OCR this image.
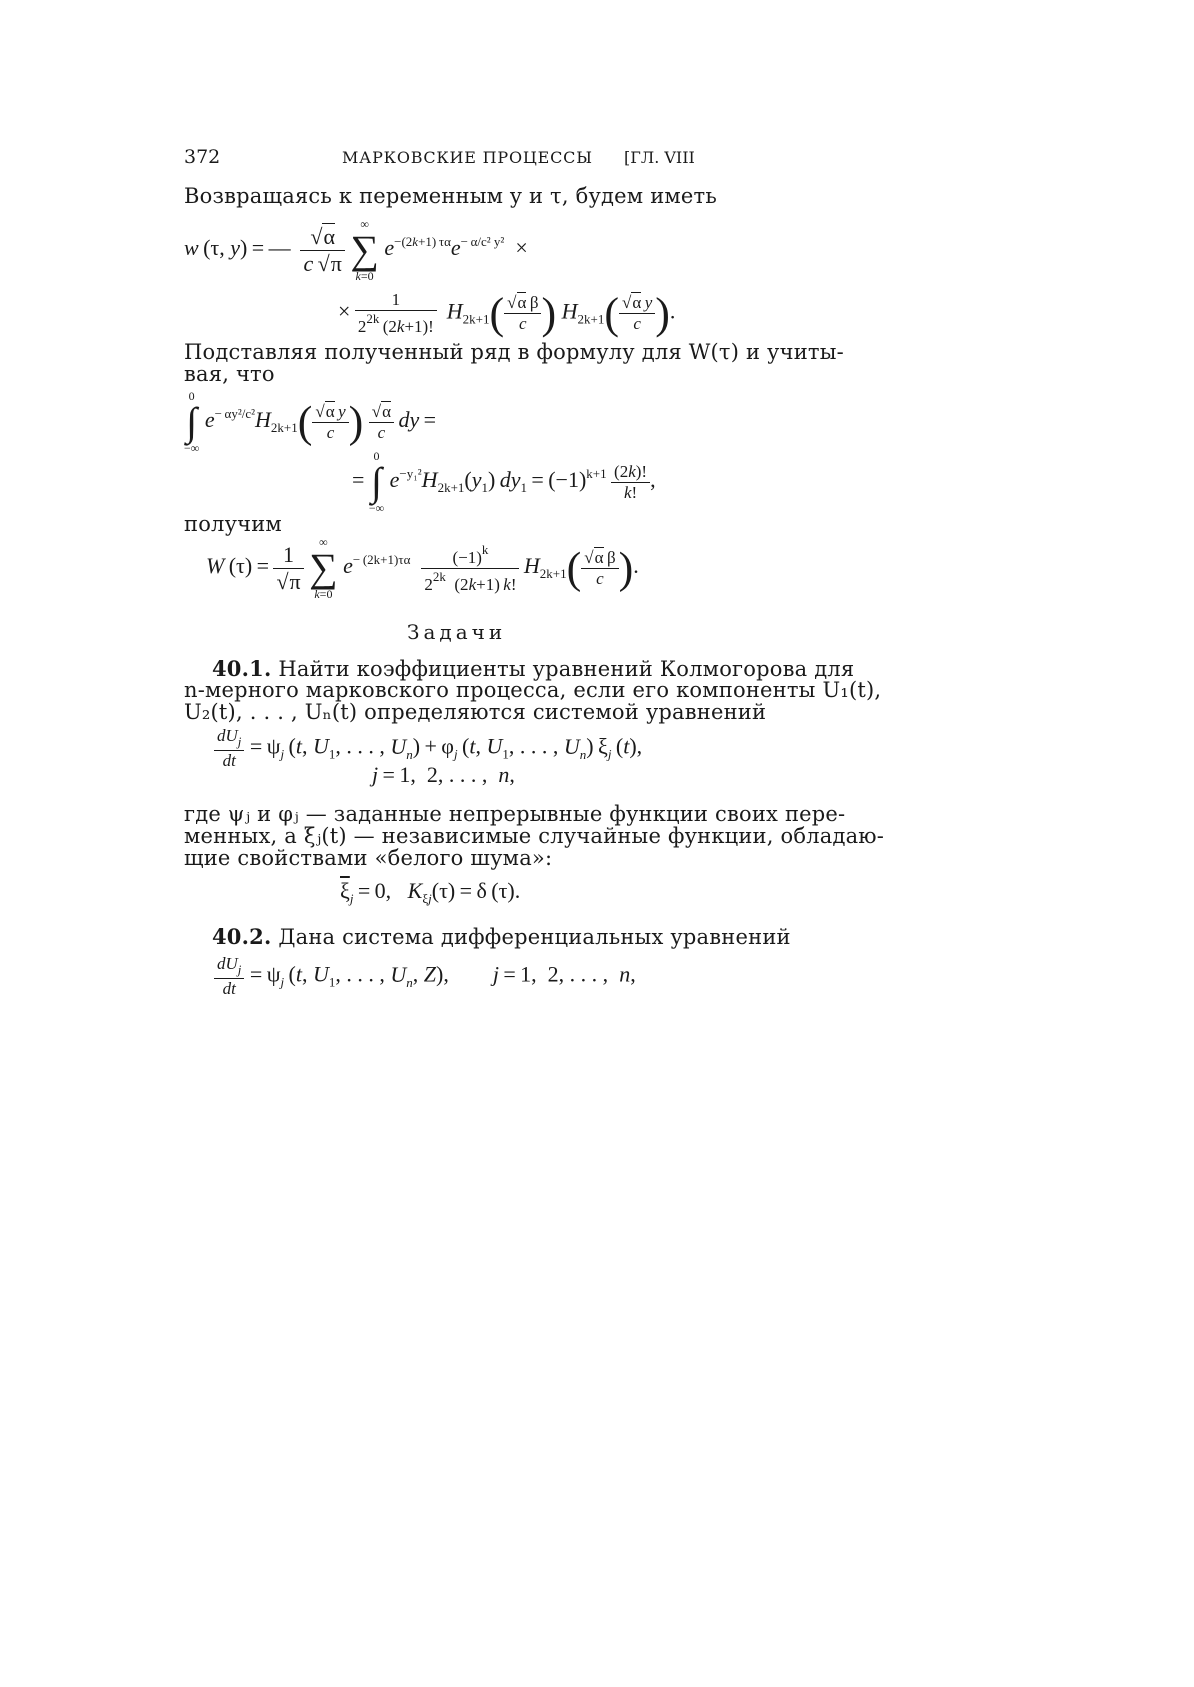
372	МАРКОВСКИЕ ПРОЦЕССЫ [ГЛ. VIII
Возвращаясь к переменным y и τ, будем иметь
w (τ, y) = —  $\frac{√\alpha}{c √\pi}$
	∞
∑
k=0
$e^{-(2k+1) \tau\alpha}e^{- \alpha/c^2 y^2}$  ×
×  $\frac{1}{2^{2k} (2k+1)!}$
  $H_{2k+1}( \frac{\text{√α β}}{c}$ ) $H_{2k+1}( \frac{\text{√α  y}}{c}$ ).
Подставляя полученный ряд в формулу для W(τ) и учиты-
вая, что
0
∫
−∞
$e^{- \alpha y^2/c^2}H_{2k+1}( \frac{\text{√α  y}}{c}$ ) $\frac{√\alpha}{c}$
  dy =
= 
0
∫
−∞
$e^{-y_1^2}H_{2k+1}(y_1) dy_1 = (-1)^{k+1} \frac{(2k)!}{k!}$ ,
получим
W $(\tau) = \frac{1}{√\pi}$
	∞
∑
k=0
$e^{- (2k+1)\tau\alpha} \frac{(-1)^k}{2^{2k} (2k+1) k!}$
  $H_{2k+1}( \frac{\text{√α β}}{c}$ ).
Задачи
40.1. Найти коэффициенты уравнений Колмогорова для
n-мерного марковского процесса, если его компоненты U₁(t),
U₂(t), . . . , Uₙ(t) определяются системой уравнений
$\frac{dU_j}{dt} = \psi_j$ (t, $U_1$, . . . , $U_n) + \varphi_j$ (t, $U_1$, . . . , $U_n$) $\xi_j$ (t),
j = 1,  2, . . . ,  n,
где ψⱼ и φⱼ — заданные непрерывные функции своих пере-
менных, а ξⱼ(t) — независимые случайные функции, обладаю-
щие свойствами «белого шума»:
$\overline{\xi}_j = 0$,   $K_{\xi j}(\tau) = \delta$ (τ).
40.2. Дана система дифференциальных уравнений
$\frac{dU_j}{dt} = \psi_j$ (t, $U_1$, . . . , $U_n$, Z),        j = 1,  2, . . . ,  n,
